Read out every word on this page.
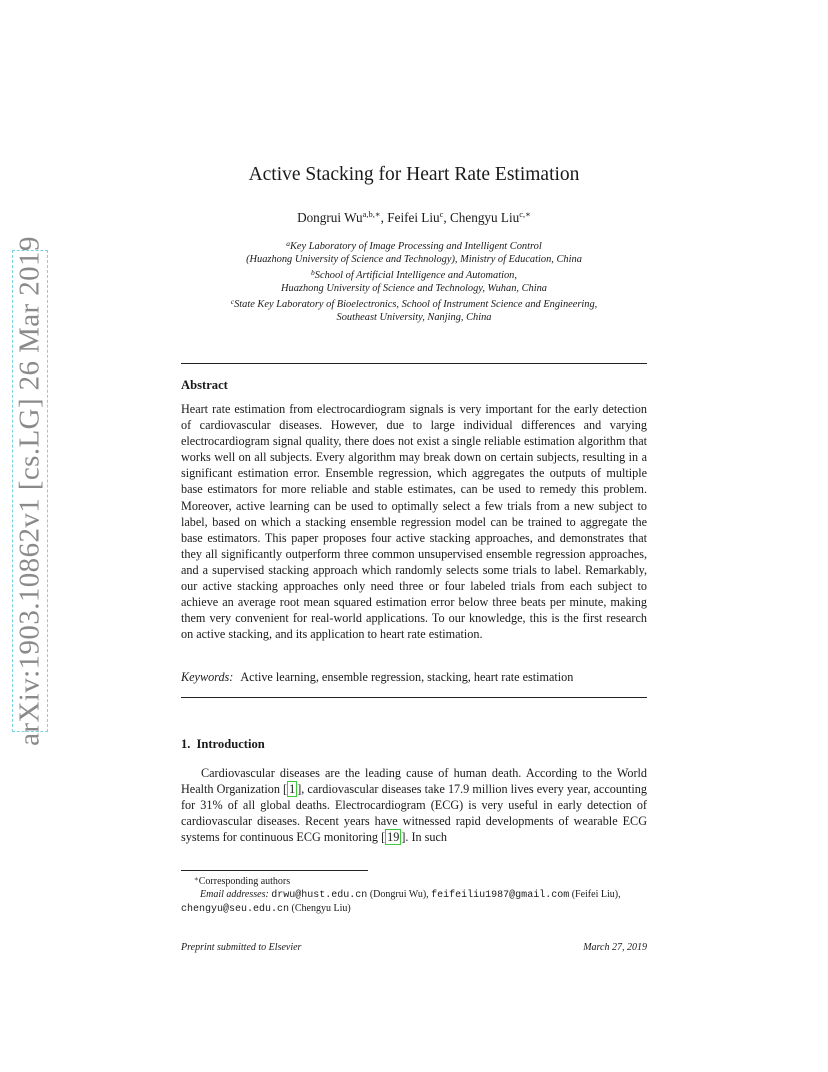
arXiv:1903.10862v1 [cs.LG] 26 Mar 2019
Active Stacking for Heart Rate Estimation
Dongrui $Wu^{a,b,∗}$, Feifei Liu$^c$, Chengyu Liu$^{c,∗}$
$^a$Key Laboratory of Image Processing and Intelligent Control
(Huazhong University of Science and Technology), Ministry of Education, China
$^b$School of Artificial Intelligence and Automation,
Huazhong University of Science and Technology, Wuhan, China
$^c$State Key Laboratory of Bioelectronics, School of Instrument Science and Engineering,
Southeast University, Nanjing, China
Abstract
Heart rate estimation from electrocardiogram signals is very important for the early detection of cardiovascular diseases. However, due to large individual differences and varying electrocardiogram signal quality, there does not exist a single reliable estimation algorithm that works well on all subjects. Every algorithm may break down on certain subjects, resulting in a significant estimation error. Ensemble regression, which aggregates the outputs of multiple base estimators for more reliable and stable estimates, can be used to remedy this problem. Moreover, active learning can be used to optimally select a few trials from a new subject to label, based on which a stacking ensemble regression model can be trained to aggregate the base estimators. This paper proposes four active stacking approaches, and demonstrates that they all significantly outperform three common unsupervised ensemble regression approaches, and a supervised stacking approach which randomly selects some trials to label. Remarkably, our active stacking approaches only need three or four labeled trials from each subject to achieve an average root mean squared estimation error below three beats per minute, making them very convenient for real-world applications. To our knowledge, this is the first research on active stacking, and its application to heart rate estimation.
Keywords: Active learning, ensemble regression, stacking, heart rate estimation
1. Introduction
Cardiovascular diseases are the leading cause of human death. According to the World Health Organization [ 1 ], cardiovascular diseases take 17.9 million lives every year, accounting for 31% of all global deaths. Electrocardiogram (ECG) is very useful in early detection of cardiovascular diseases. Recent years have witnessed rapid developments of wearable ECG systems for continuous ECG monitoring [ 19 ]. In such
∗Corresponding authors
Email addresses: drwu@hust.edu.cn (Dongrui Wu), feifeiliu1987@gmail.com (Feifei Liu), chengyu@seu.edu.cn (Chengyu Liu)
Preprint submitted to Elsevier	March 27, 2019
